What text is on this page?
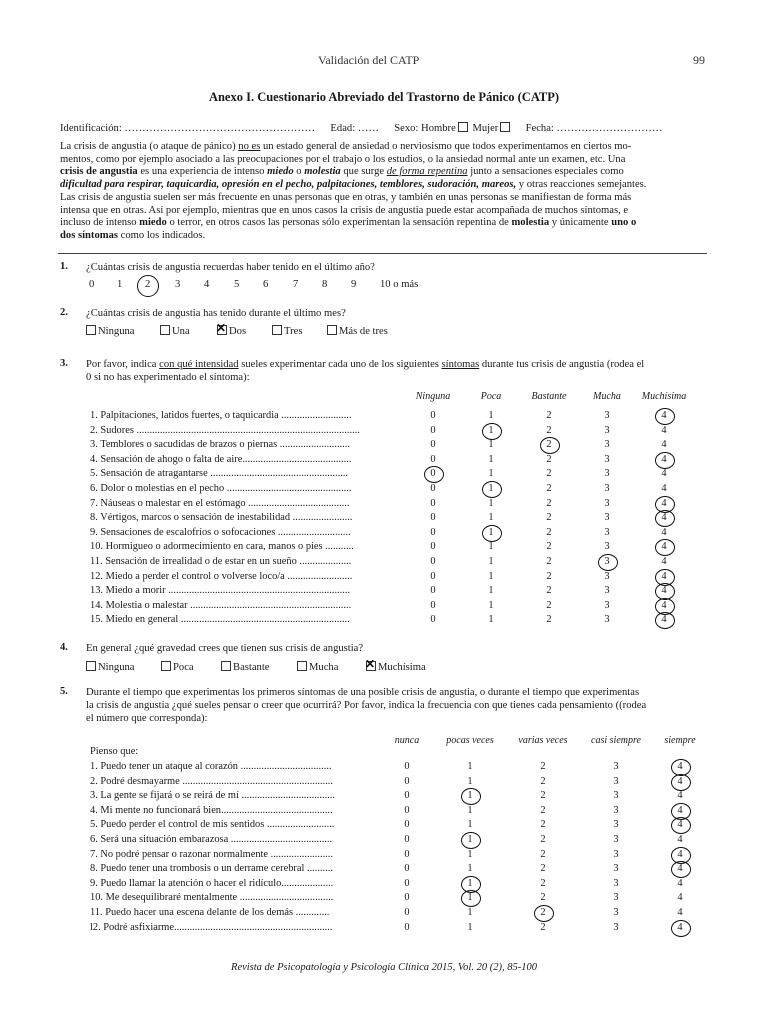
Validación del CATP	99
Anexo I. Cuestionario Abreviado del Trastorno de Pánico (CATP)
Identificación: ……………………………………………… Edad: …… Sexo: Hombre Mujer	Fecha: …………………………

La crisis de angustia (o ataque de pánico) no es un estado general de ansiedad o nerviosismo que todos experimentamos en ciertos mo-

mentos, como por ejemplo asociado a las preocupaciones por el trabajo o los estudios, o la ansiedad normal ante un examen, etc. Una

crisis de angustia es una experiencia de intenso miedo o molestia que surge de forma repentina junto a sensaciones especiales como

dificultad para respirar, taquicardia, opresión en el pecho, palpitaciones, temblores, sudoración, mareos, y otras reacciones semejantes.

Las crisis de angustia suelen ser más frecuente en unas personas que en otras, y también en unas personas se manifiestan de forma más

intensa que en otras. Así por ejemplo, mientras que en unos casos la crisis de angustia puede estar acompañada de muchos síntomas, e

incluso de intenso miedo o terror, en otros casos las personas sólo experimentan la sensación repentina de molestia y únicamente uno o

dos síntomas como los indicados.

1. ¿Cuántas crisis de angustia recuerdas haber tenido en el último año?
0 1 2 3 4 5 6 7 8 9 10 o más
2. ¿Cuántas crisis de angustia has tenido durante el último mes?
Ninguna	Una ✕	Dos	Tres	Más de tres
3. Por favor, indica con qué intensidad sueles experimentar cada uno de los siguientes síntomas durante tus crisis de angustia (rodea el
0 si no has experimentado el síntoma):
Ninguna	Poca	Bastante	Mucha	Muchísima
1. Palpitaciones, latidos fuertes, o taquicardia ...........................	0	1	2	3	4
2. Sudores ......................................................................................	0	1	2	3	4
3. Temblores o sacudidas de brazos o piernas ...........................	0	1	2	3	4
4. Sensación de ahogo o falta de aire..........................................	0	1	2	3	4
5. Sensación de atragantarse .....................................................	0	1	2	3	4
6. Dolor o molestias en el pecho ................................................	0	1	2	3	4
7. Náuseas o malestar en el estómago .......................................	0	1	2	3	4
8. Vértigos, marcos o sensación de inestabilidad .......................	0	1	2	3	4
9. Sensaciones de escalofríos o sofocaciones ............................	0	1	2	3	4
10. Hormigueo o adormecimiento en cara, manos o pies ...........	0	1	2	3	4
11. Sensación de irrealidad o de estar en un sueño ....................	0	1	2	3	4
12. Miedo a perder el control o volverse loco/a .........................	0	1	2	3	4
13. Miedo a morir ......................................................................	0	1	2	3	4
14. Molestia o malestar ..............................................................	0	1	2	3	4
15. Miedo en general .................................................................	0	1	2	3	4
4. En general ¿qué gravedad crees que tienen sus crisis de angustia?
Ninguna	Poca	Bastante	Mucha ✕	Muchísima
5. Durante el tiempo que experimentas los primeros síntomas de una posible crisis de angustia, o durante el tiempo que experimentas
la crisis de angustia ¿qué sueles pensar o creer que ocurrirá? Por favor, indica la frecuencia con que tienes cada pensamiento ((rodea
el número que corresponda):
nunca	pocas veces	varias veces	casi siempre	siempre
Pienso que:
1. Puedo tener un ataque al corazón ...................................	0	1	2	3	4
2. Podré desmayarme ..........................................................	0	1	2	3	4
3. La gente se fijará o se reirá de mí ....................................	0	1	2	3	4
4. Mi mente no funcionará bien...........................................	0	1	2	3	4
5. Puedo perder el control de mis sentidos ..........................	0	1	2	3	4
6. Será una situación embarazosa .......................................	0	1	2	3	4
7. No podré pensar o razonar normalmente ........................	0	1	2	3	4
8. Puedo tener una trombosis o un derrame cerebral ..........	0	1	2	3	4
9. Puedo llamar la atención o hacer el ridículo....................	0	1	2	3	4
10. Me desequilibraré mentalmente ....................................	0	1	2	3	4
11. Puedo hacer una escena delante de los demás .............	0	1	2	3	4
l2. Podré asfixiarme.............................................................	0	1	2	3	4
Revista de Psicopatología y Psicología Clínica 2015, Vol. 20 (2), 85-100
